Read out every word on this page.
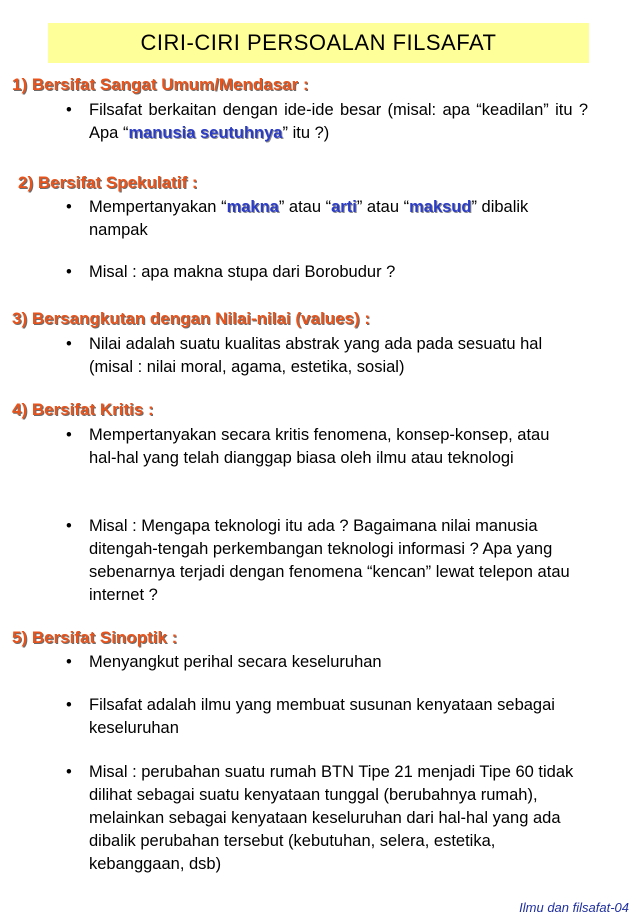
CIRI-CIRI PERSOALAN FILSAFAT
1) Bersifat Sangat Umum/Mendasar :
• Filsafat berkaitan dengan ide-ide besar (misal: apa “keadilan” itu ? Apa “manusia seutuhnya” itu ?)
2) Bersifat Spekulatif :
• Mempertanyakan “makna” atau “arti” atau “maksud” dibalik nampak
• Misal : apa makna stupa dari Borobudur ?
3) Bersangkutan dengan Nilai-nilai (values) :
• Nilai adalah suatu kualitas abstrak yang ada pada sesuatu hal (misal : nilai moral, agama, estetika, sosial)
4) Bersifat Kritis :
• Mempertanyakan secara kritis fenomena, konsep-konsep, atau hal-hal yang telah dianggap biasa oleh ilmu atau teknologi
• Misal : Mengapa teknologi itu ada ? Bagaimana nilai manusia ditengah-tengah perkembangan teknologi informasi ? Apa yang sebenarnya terjadi dengan fenomena “kencan” lewat telepon atau internet ?
5) Bersifat Sinoptik :
• Menyangkut perihal secara keseluruhan
• Filsafat adalah ilmu yang membuat susunan kenyataan sebagai keseluruhan
• Misal : perubahan suatu rumah BTN Tipe 21 menjadi Tipe 60 tidak dilihat sebagai suatu kenyataan tunggal (berubahnya rumah), melainkan sebagai kenyataan keseluruhan dari hal-hal yang ada dibalik perubahan tersebut (kebutuhan, selera, estetika, kebanggaan, dsb)
Ilmu dan filsafat-04
